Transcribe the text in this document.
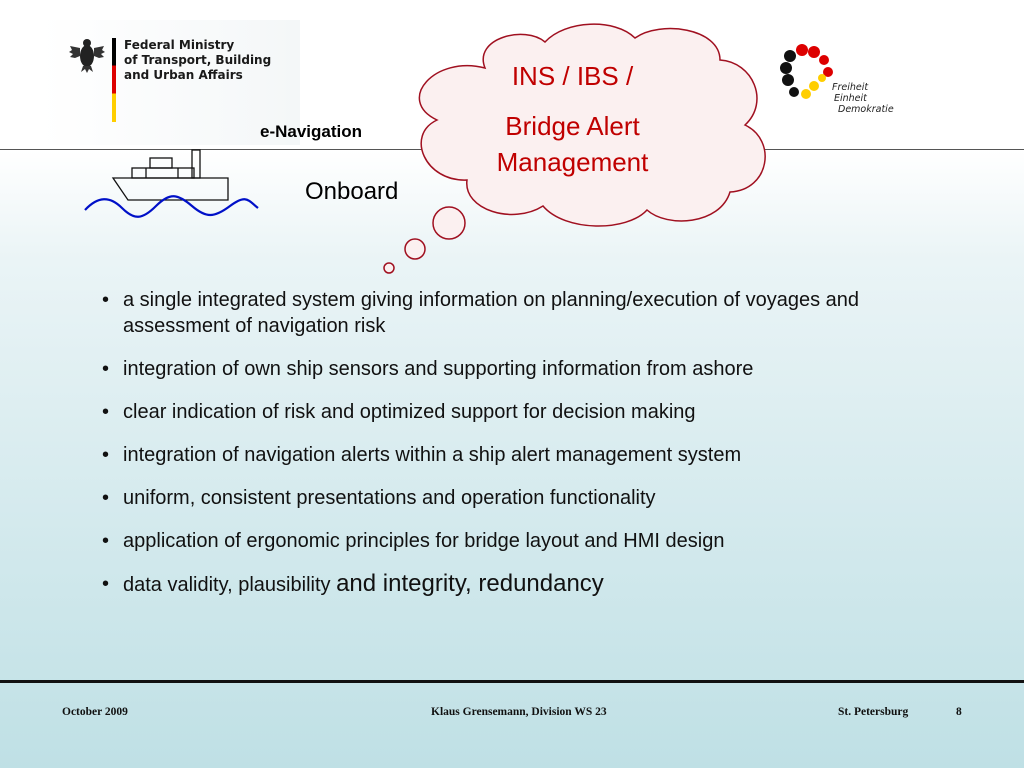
Federal Ministry
of Transport, Building
and Urban Affairs
e-Navigation
Onboard
INS / IBS /
Bridge Alert
Management
Freiheit
Einheit
Demokratie
• a single integrated system giving information on planning/execution of voyages and assessment of navigation risk
• integration of own ship sensors and supporting information from ashore
• clear indication of risk and optimized support for decision making
• integration of navigation alerts within a ship alert management system
• uniform, consistent presentations and operation functionality
• application of ergonomic principles for bridge layout and HMI design
• data validity, plausibility and integrity, redundancy
October 2009	Klaus Grensemann, Division WS 23	St. Petersburg	8
